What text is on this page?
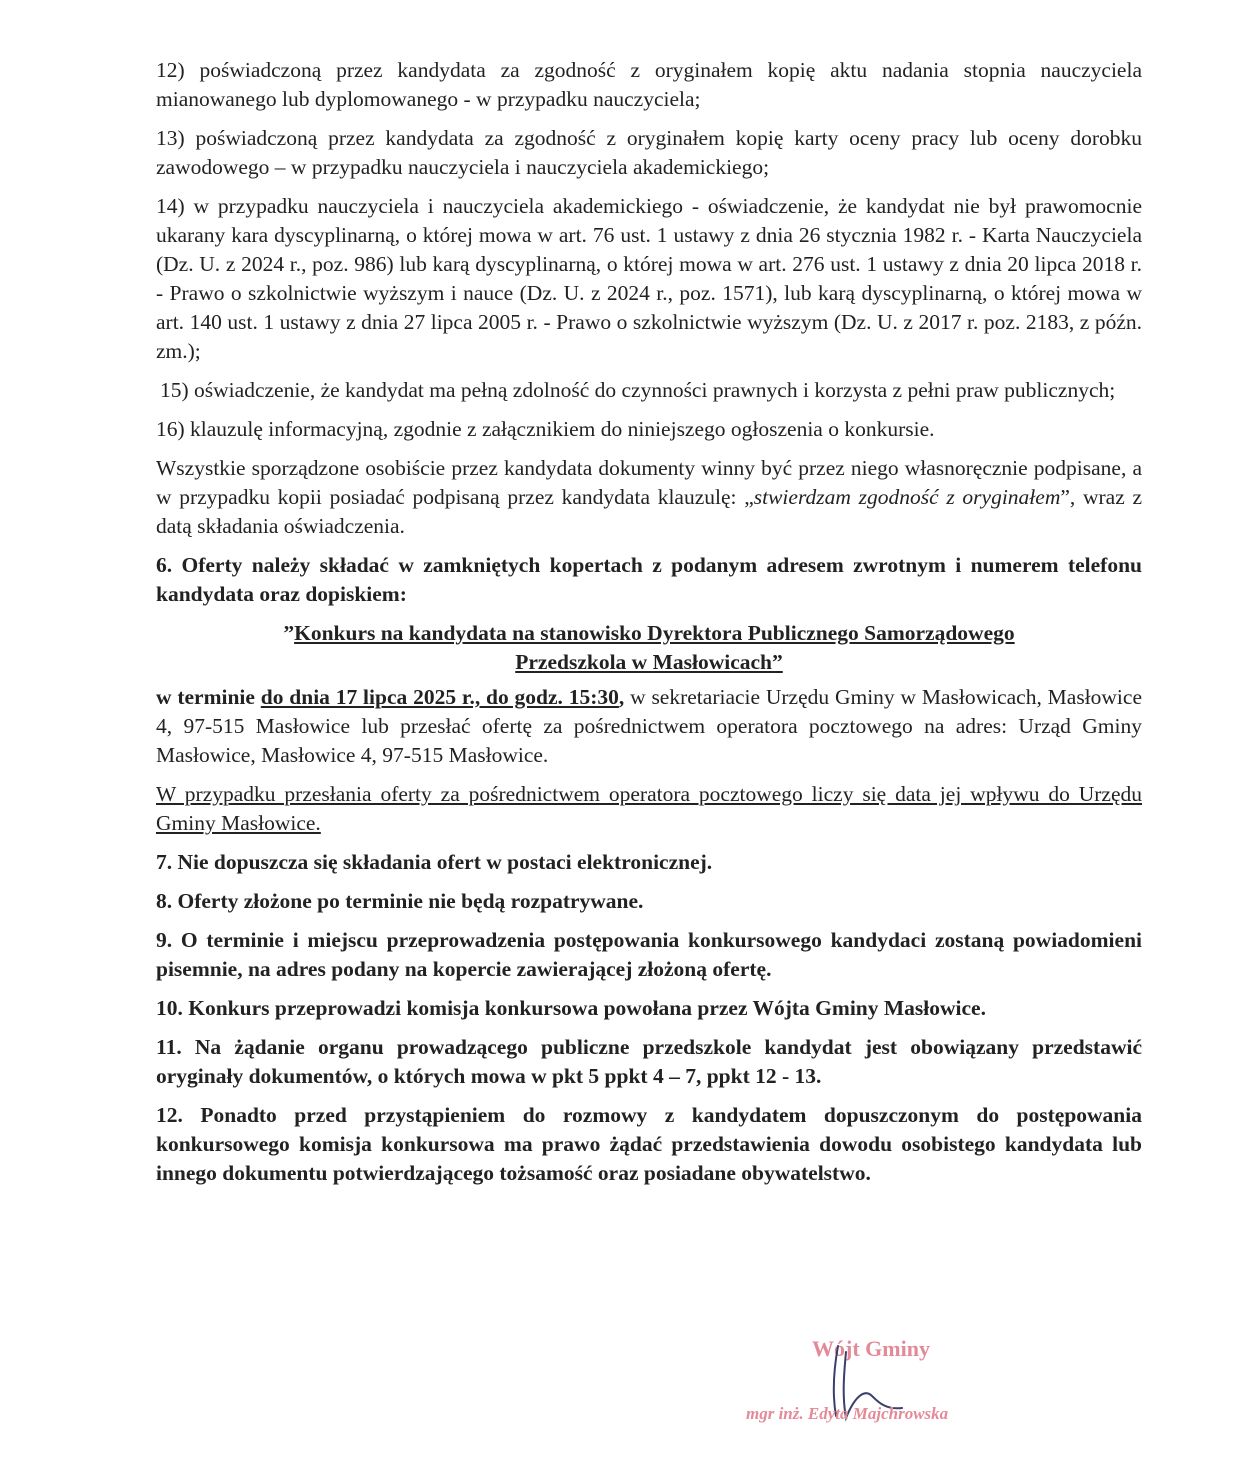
12) poświadczoną przez kandydata za zgodność z oryginałem kopię aktu nadania stopnia nauczyciela mianowanego lub dyplomowanego - w przypadku nauczyciela;

13) poświadczoną przez kandydata za zgodność z oryginałem kopię karty oceny pracy lub oceny dorobku zawodowego – w przypadku nauczyciela i nauczyciela akademickiego;

14) w przypadku nauczyciela i nauczyciela akademickiego - oświadczenie, że kandydat nie był prawomocnie ukarany kara dyscyplinarną, o której mowa w art. 76 ust. 1 ustawy z dnia 26 stycznia 1982 r. - Karta Nauczyciela (Dz. U. z 2024 r., poz. 986) lub karą dyscyplinarną, o której mowa w art. 276 ust. 1 ustawy z dnia 20 lipca 2018 r. - Prawo o szkolnictwie wyższym i nauce (Dz. U. z 2024 r., poz. 1571), lub karą dyscyplinarną, o której mowa w art. 140 ust. 1 ustawy z dnia 27 lipca 2005 r. - Prawo o szkolnictwie wyższym (Dz. U. z 2017 r. poz. 2183, z późn. zm.);

15) oświadczenie, że kandydat ma pełną zdolność do czynności prawnych i korzysta z pełni praw publicznych;

16) klauzulę informacyjną, zgodnie z załącznikiem do niniejszego ogłoszenia o konkursie.

Wszystkie sporządzone osobiście przez kandydata dokumenty winny być przez niego własnoręcznie podpisane, a w przypadku kopii posiadać podpisaną przez kandydata klauzulę: „stwierdzam zgodność z oryginałem”, wraz z datą składania oświadczenia.

6. Oferty należy składać w zamkniętych kopertach z podanym adresem zwrotnym i numerem telefonu kandydata oraz dopiskiem:

”Konkurs na kandydata na stanowisko Dyrektora Publicznego Samorządowego
Przedszkola w Masłowicach”

w terminie do dnia 17 lipca 2025 r., do godz. 15:30, w sekretariacie Urzędu Gminy w Masłowicach, Masłowice 4, 97-515 Masłowice lub przesłać ofertę za pośrednictwem operatora pocztowego na adres: Urząd Gminy Masłowice, Masłowice 4, 97-515 Masłowice.

W przypadku przesłania oferty za pośrednictwem operatora pocztowego liczy się data jej wpływu do Urzędu Gminy Masłowice.

7. Nie dopuszcza się składania ofert w postaci elektronicznej.

8. Oferty złożone po terminie nie będą rozpatrywane.

9. O terminie i miejscu przeprowadzenia postępowania konkursowego kandydaci zostaną powiadomieni pisemnie, na adres podany na kopercie zawierającej złożoną ofertę.

10. Konkurs przeprowadzi komisja konkursowa powołana przez Wójta Gminy Masłowice.

11. Na żądanie organu prowadzącego publiczne przedszkole kandydat jest obowiązany przedstawić oryginały dokumentów, o których mowa w pkt 5 ppkt 4 – 7, ppkt 12 - 13.

12. Ponadto przed przystąpieniem do rozmowy z kandydatem dopuszczonym do postępowania konkursowego komisja konkursowa ma prawo żądać przedstawienia dowodu osobistego kandydata lub innego dokumentu potwierdzającego tożsamość oraz posiadane obywatelstwo.

Wójt Gminy
mgr inż. Edyta Majchrowska
